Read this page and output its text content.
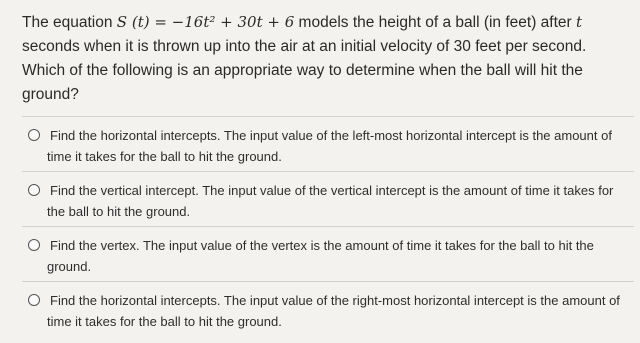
The equation S (t) = −16t² + 30t + 6 models the height of a ball (in feet) after t seconds when it is thrown up into the air at an initial velocity of 30 feet per second. Which of the following is an appropriate way to determine when the ball will hit the ground?

Find the horizontal intercepts. The input value of the left-most horizontal intercept is the amount of
time it takes for the ball to hit the ground.
Find the vertical intercept. The input value of the vertical intercept is the amount of time it takes for
the ball to hit the ground.
Find the vertex. The input value of the vertex is the amount of time it takes for the ball to hit the
ground.
Find the horizontal intercepts. The input value of the right-most horizontal intercept is the amount of
time it takes for the ball to hit the ground.
